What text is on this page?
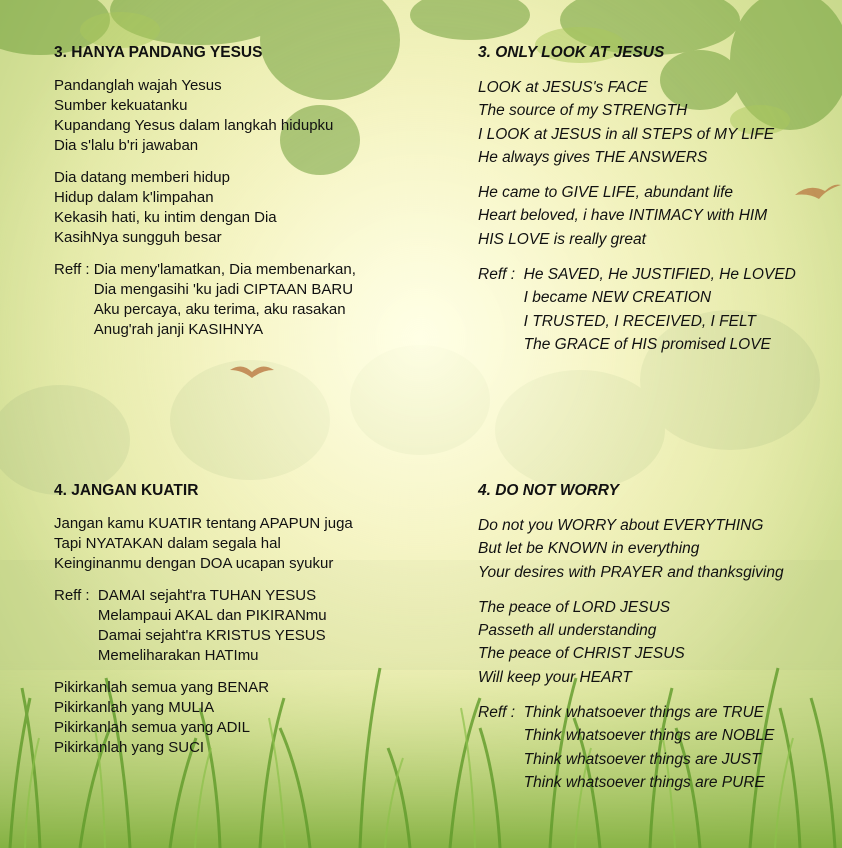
3. HANYA PANDANG YESUS
Pandanglah wajah Yesus
Sumber kekuatanku
Kupandang Yesus dalam langkah hidupku
Dia s'lalu b'ri jawaban
Dia datang memberi hidup
Hidup dalam k'limpahan
Kekasih hati, ku intim dengan Dia
KasihNya sungguh besar
Reff : Dia meny'lamatkan, Dia membenarkan,
Dia mengasihi 'ku jadi CIPTAAN BARU
Aku percaya, aku terima, aku rasakan
Anug'rah janji KASIHNYA
3. ONLY LOOK AT JESUS
LOOK at JESUS's FACE
The source of my STRENGTH
I LOOK at JESUS in all STEPS of MY LIFE
He always gives THE ANSWERS
He came to GIVE LIFE, abundant life
Heart beloved, i have INTIMACY with HIM
HIS LOVE is really great
Reff : He SAVED, He JUSTIFIED, He LOVED
I became NEW CREATION
I TRUSTED, I RECEIVED, I FELT
The GRACE of HIS promised LOVE
4. JANGAN KUATIR
Jangan kamu KUATIR tentang APAPUN juga
Tapi NYATAKAN dalam segala hal
Keinginanmu dengan DOA ucapan syukur
Reff : DAMAI sejaht'ra TUHAN YESUS
Melampaui AKAL dan PIKIRANmu
Damai sejaht'ra KRISTUS YESUS
Memeliharakan HATImu
Pikirkanlah semua yang BENAR
Pikirkanlah yang MULIA
Pikirkanlah semua yang ADIL
Pikirkanlah yang SUCI
4. DO NOT WORRY
Do not you WORRY about EVERYTHING
But let be KNOWN in everything
Your desires with PRAYER and thanksgiving
The peace of LORD JESUS
Passeth all understanding
The peace of CHRIST JESUS
Will keep your HEART
Reff : Think whatsoever things are TRUE
Think whatsoever things are NOBLE
Think whatsoever things are JUST
Think whatsoever things are PURE
